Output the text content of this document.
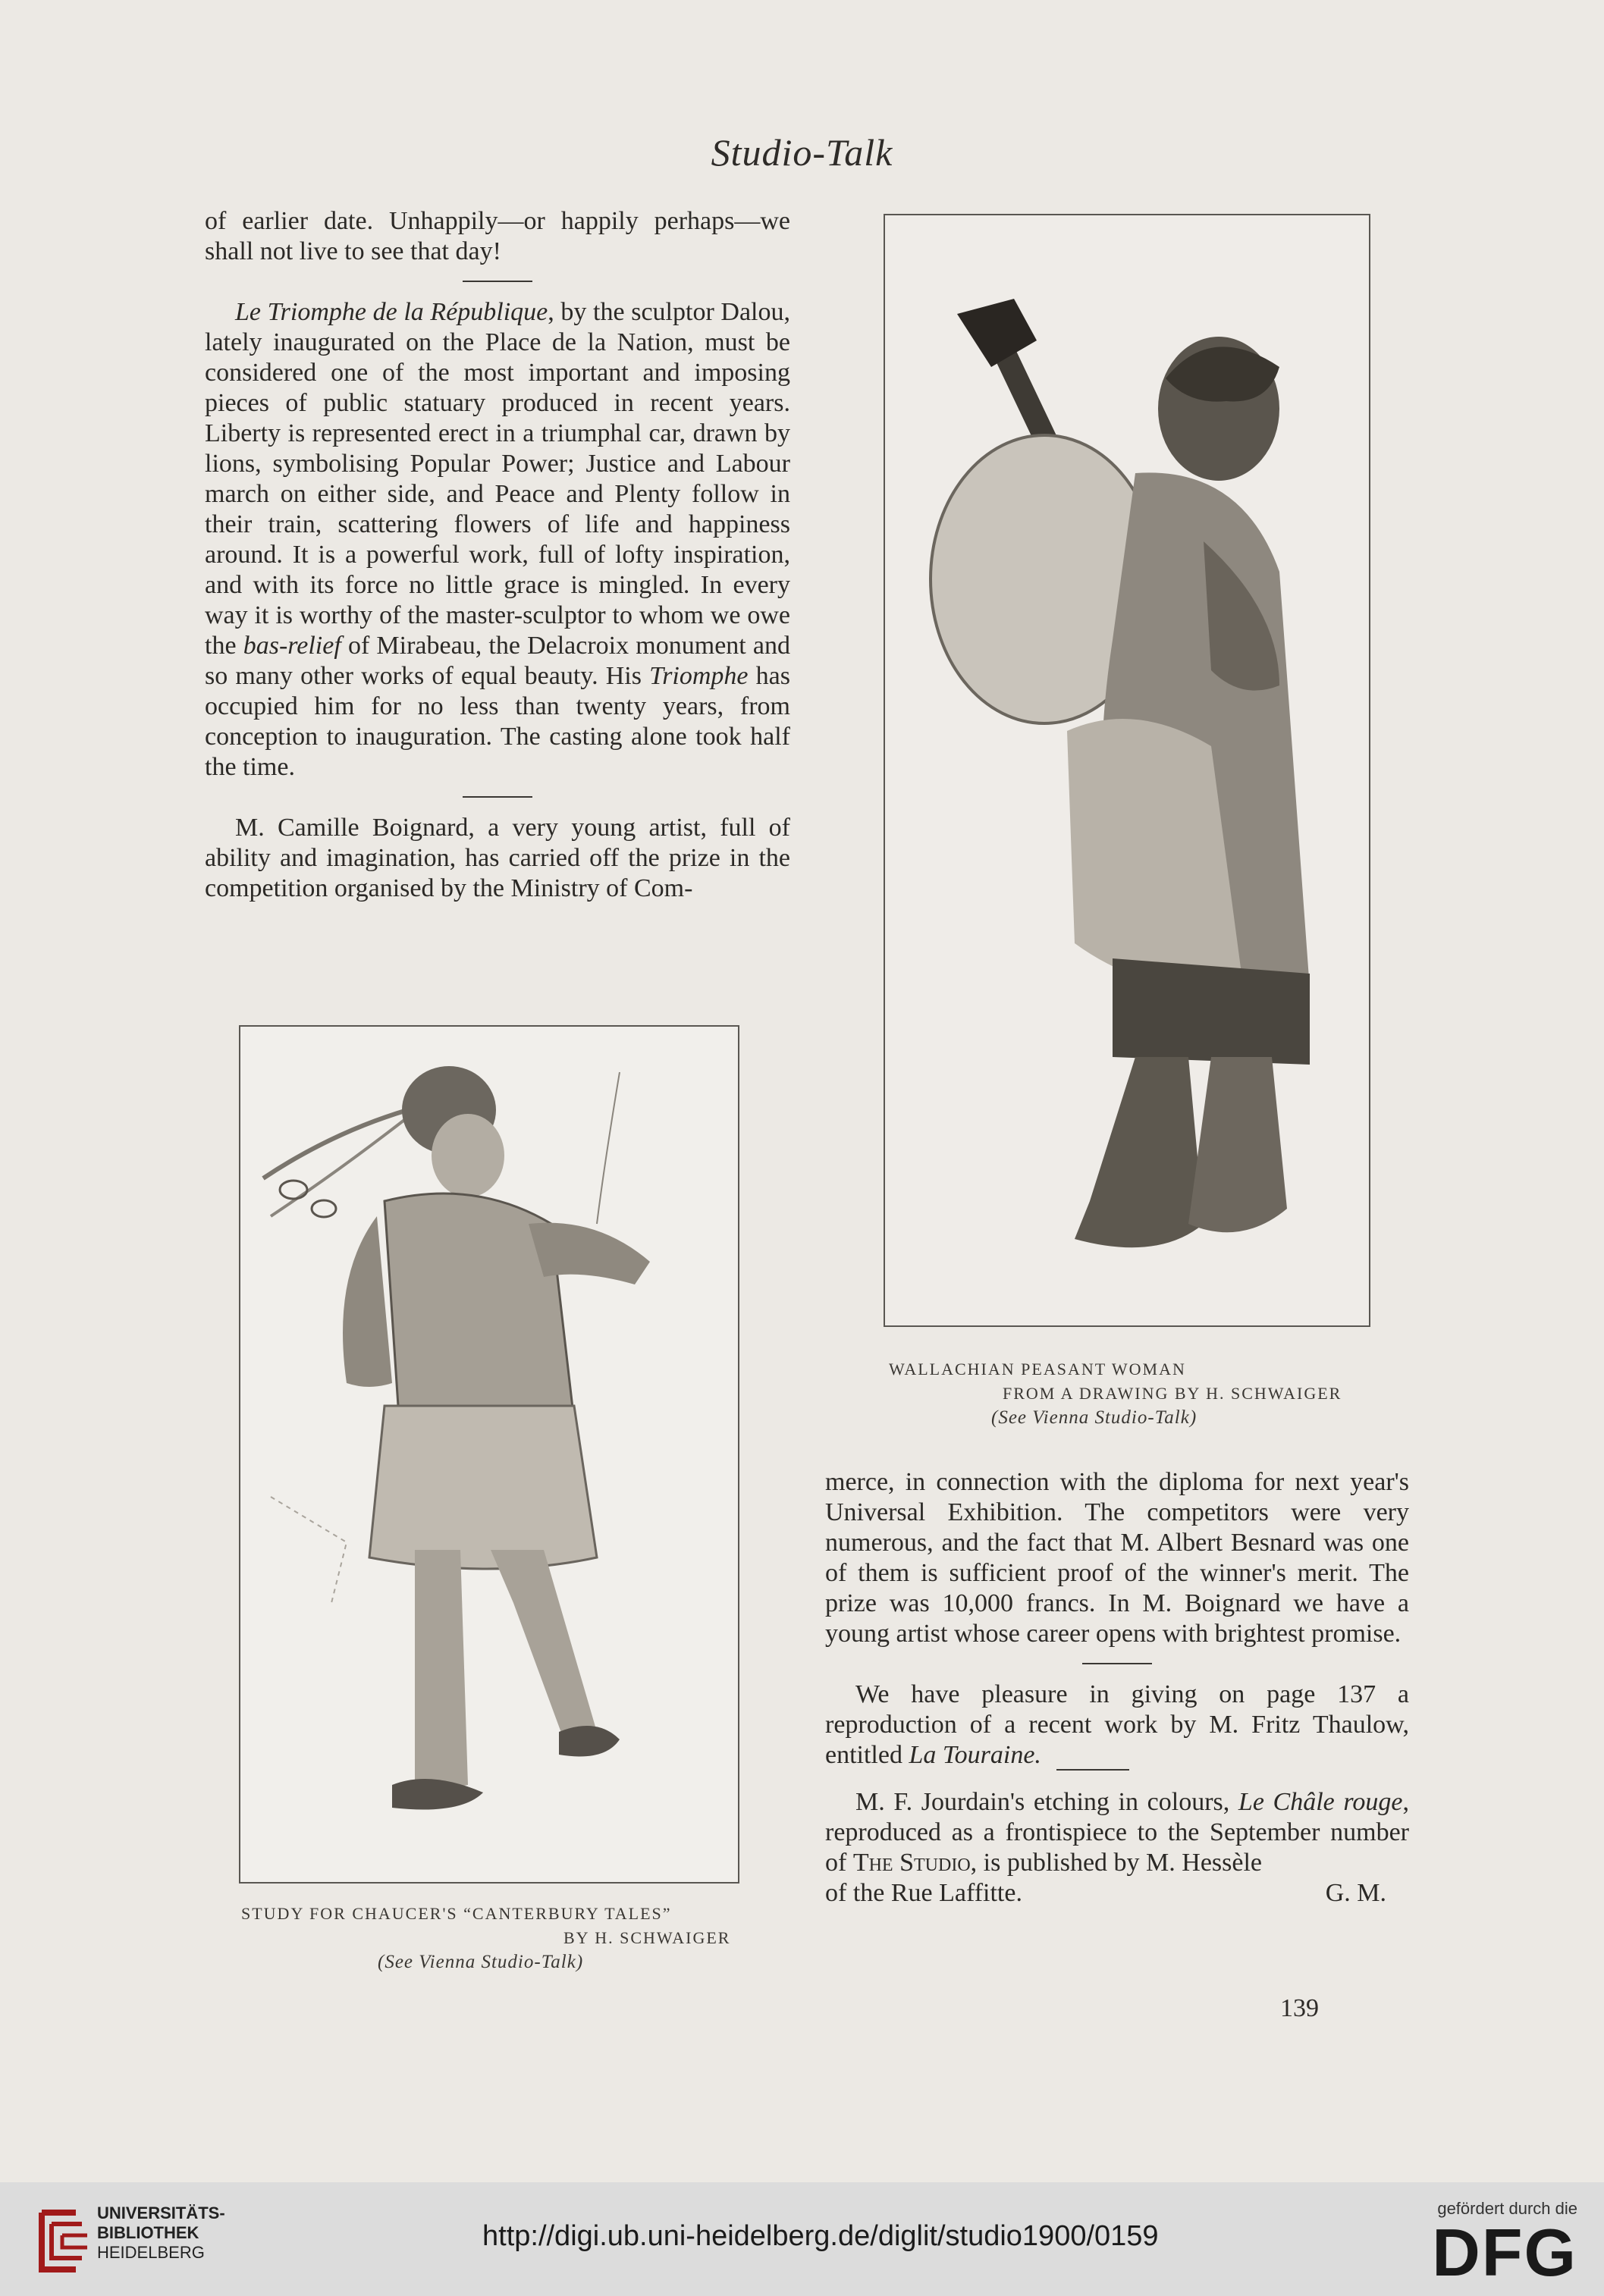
Studio-Talk

of earlier date. Unhappily—or happily perhaps—we shall not live to see that day!

Le Triomphe de la République, by the sculptor Dalou, lately inaugurated on the Place de la Nation, must be considered one of the most important and imposing pieces of public statuary produced in recent years. Liberty is represented erect in a triumphal car, drawn by lions, symbolising Popular Power; Justice and Labour march on either side, and Peace and Plenty follow in their train, scattering flowers of life and happiness around. It is a powerful work, full of lofty inspiration, and with its force no little grace is mingled. In every way it is worthy of the master-sculptor to whom we owe the bas-relief of Mirabeau, the Delacroix monument and so many other works of equal beauty. His Triomphe has occupied him for no less than twenty years, from conception to inauguration. The casting alone took half the time.

M. Camille Boignard, a very young artist, full of ability and imagination, has carried off the prize in the competition organised by the Ministry of Com-

WALLACHIAN PEASANT WOMAN
FROM A DRAWING BY H. SCHWAIGER
(See Vienna Studio-Talk)
STUDY FOR CHAUCER'S “CANTERBURY TALES”
BY H. SCHWAIGER
(See Vienna Studio-Talk)

merce, in connection with the diploma for next year's Universal Exhibition. The competitors were very numerous, and the fact that M. Albert Besnard was one of them is sufficient proof of the winner's merit. The prize was 10,000 francs. In M. Boignard we have a young artist whose career opens with brightest promise.

We have pleasure in giving on page 137 a reproduction of a recent work by M. Fritz Thaulow, entitled La Touraine.

M. F. Jourdain's etching in colours, Le Châle rouge, reproduced as a frontispiece to the September number of The Studio, is published by M. Hessèle

of the Rue Laffitte.	G. M.
139
UNIVERSITÄTS-
BIBLIOTHEK
HEIDELBERG
http://digi.ub.uni-heidelberg.de/diglit/studio1900/0159
gefördert durch die
DFG
